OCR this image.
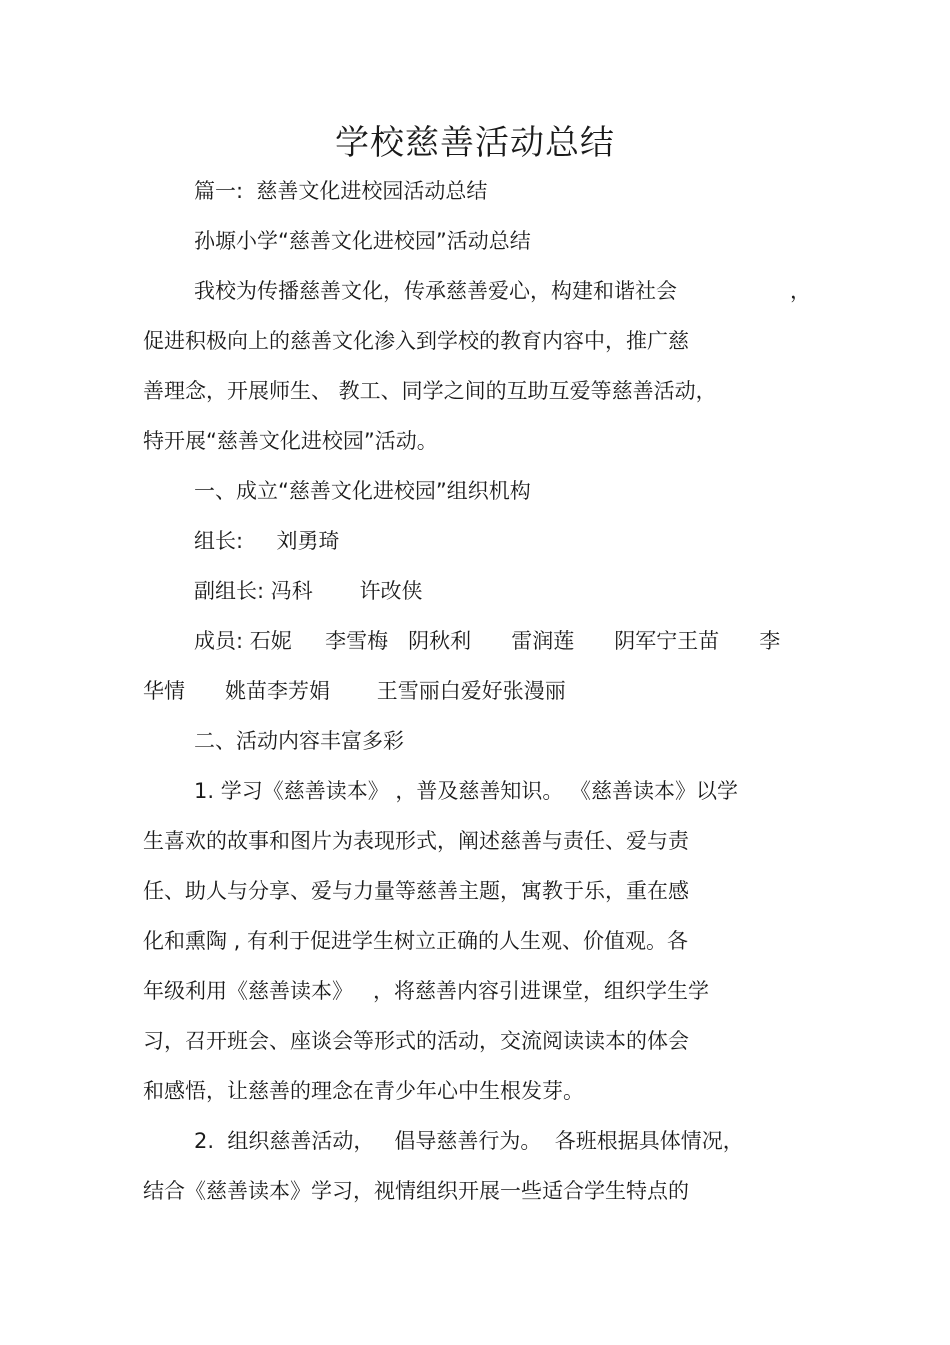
学校慈善活动总结
篇一:  慈善文化进校园活动总结
孙塬小学“慈善文化进校园”活动总结
我校为传播慈善文化，传承慈善爱心，构建和谐社会	，
促进积极向上的慈善文化渗入到学校的教育内容中，推广慈
善理念，开展师生、 教工、同学之间的互助互爱等慈善活动，
特开展“慈善文化进校园”活动。
一、成立“慈善文化进校园”组织机构
组长:     刘勇琦
副组长: 冯科       许改侠
成员: 石妮     李雪梅   阴秋利      雷润莲      阴军宁王苗      李
华情      姚苗李芳娟       王雪丽白爱好张漫丽
二、活动内容丰富多彩
1. 学习《慈善读本》 ，普及慈善知识。 《慈善读本》以学
生喜欢的故事和图片为表现形式，阐述慈善与责任、爱与责
任、助人与分享、爱与力量等慈善主题，寓教于乐，重在感
化和熏陶 , 有利于促进学生树立正确的人生观、价值观。各
年级利用《慈善读本》   ，将慈善内容引进课堂，组织学生学
习，召开班会、座谈会等形式的活动，交流阅读读本的体会
和感悟，让慈善的理念在青少年心中生根发芽。
2.  组织慈善活动，   倡导慈善行为。  各班根据具体情况，
结合《慈善读本》学习，视情组织开展一些适合学生特点的
